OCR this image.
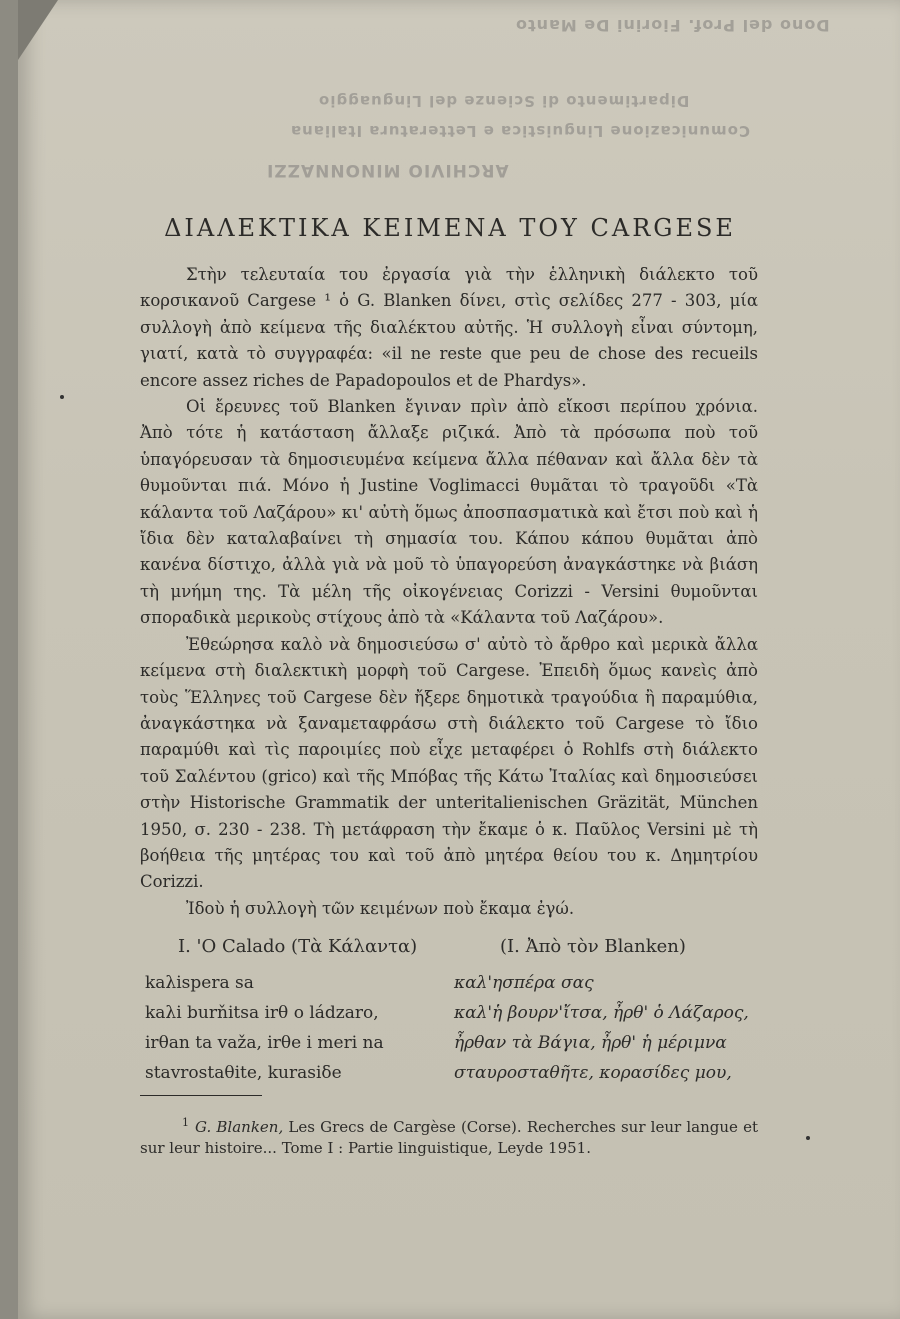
Dono del Prof. Fiorini De Manto
Dipartimento di Scienze del Linguaggio
Comunicazione Linguistica e Letteratura Italiana
ARCHIVIO MINONNAZZI
ΔΙΑΛΕΚΤΙΚΑ ΚΕΙΜΕΝΑ ΤΟΥ CARGESE

Στὴν τελευταία του ἐργασία γιὰ τὴν ἑλληνικὴ διάλεκτο τοῦ κορσικανοῦ Cargese ¹ ὁ G. Blanken δίνει, στὶς σελίδες 277 - 303, μία συλλογὴ ἀπὸ κείμενα τῆς διαλέκτου αὐτῆς. Ἡ συλλογὴ εἶναι σύντομη, γιατί, κατὰ τὸ συγγραφέα: «il ne reste que peu de chose des recueils encore assez riches de Papadopoulos et de Phardys».

Οἱ ἔρευνες τοῦ Blanken ἔγιναν πρὶν ἀπὸ εἴκοσι περίπου χρόνια. Ἀπὸ τότε ἡ κατάσταση ἄλλαξε ριζικά. Ἀπὸ τὰ πρόσωπα ποὺ τοῦ ὑπαγόρευσαν τὰ δημοσιευμένα κείμενα ἄλλα πέθαναν καὶ ἄλλα δὲν τὰ θυμοῦνται πιά. Μόνο ἡ Justine Voglimacci θυμᾶται τὸ τραγοῦδι «Τὰ κάλαντα τοῦ Λαζάρου» κι' αὐτὴ ὅμως ἀποσπασματικὰ καὶ ἔτσι ποὺ καὶ ἡ ἴδια δὲν καταλαβαίνει τὴ σημασία του. Κάπου κάπου θυμᾶται ἀπὸ κανένα δίστιχο, ἀλλὰ γιὰ νὰ μοῦ τὸ ὑπαγορεύση ἀναγκάστηκε νὰ βιάση τὴ μνήμη της. Τὰ μέλη τῆς οἰκογένειας Corizzi - Versini θυμοῦνται σποραδικὰ μερικοὺς στίχους ἀπὸ τὰ «Κάλαντα τοῦ Λαζάρου».

Ἐθεώρησα καλὸ νὰ δημοσιεύσω σ' αὐτὸ τὸ ἄρθρο καὶ μερικὰ ἄλλα κείμενα στὴ διαλεκτικὴ μορφὴ τοῦ Cargese. Ἐπειδὴ ὅμως κανεὶς ἀπὸ τοὺς Ἕλληνες τοῦ Cargese δὲν ἤξερε δημοτικὰ τραγούδια ἢ παραμύθια, ἀναγκάστηκα νὰ ξαναμεταφράσω στὴ διάλεκτο τοῦ Cargese τὸ ἴδιο παραμύθι καὶ τὶς παροιμίες ποὺ εἶχε μεταφέρει ὁ Rohlfs στὴ διάλεκτο τοῦ Σαλέντου (grico) καὶ τῆς Μπόβας τῆς Κάτω Ἰταλίας καὶ δημοσιεύσει στὴν Historische Grammatik der unteritalienischen Gräzität, München 1950, σ. 230 - 238. Τὴ μετάφραση τὴν ἔκαμε ὁ κ. Παῦλος Versini μὲ τὴ βοήθεια τῆς μητέρας του καὶ τοῦ ἀπὸ μητέρα θείου του κ. Δημητρίου Corizzi.

Ἰδοὺ ἡ συλλογὴ τῶν κειμένων ποὺ ἔκαμα ἐγώ.

I. 'O Calado (Τὰ Κάλαντα)	(I. Ἀπὸ τὸν Blanken)
kaλispera sa
kaλi burňitsa irθ o ládzaro,
irθan ta važa, irθe i meri na
stavrostaθite, kurasiδe
καλ'ησπέρα σας
καλ'ἡ βουρν'ἴτσα, ἦρθ' ὁ Λάζαρος,
ἦρθαν τὰ Βάγια, ἦρθ' ἡ μέριμνα
σταυροσταθῆτε, κορασίδες μου,
$^1$ G. Blanken, Les Grecs de Cargèse (Corse). Recherches sur leur langue et sur leur histoire... Tome I : Partie linguistique, Leyde 1951.
